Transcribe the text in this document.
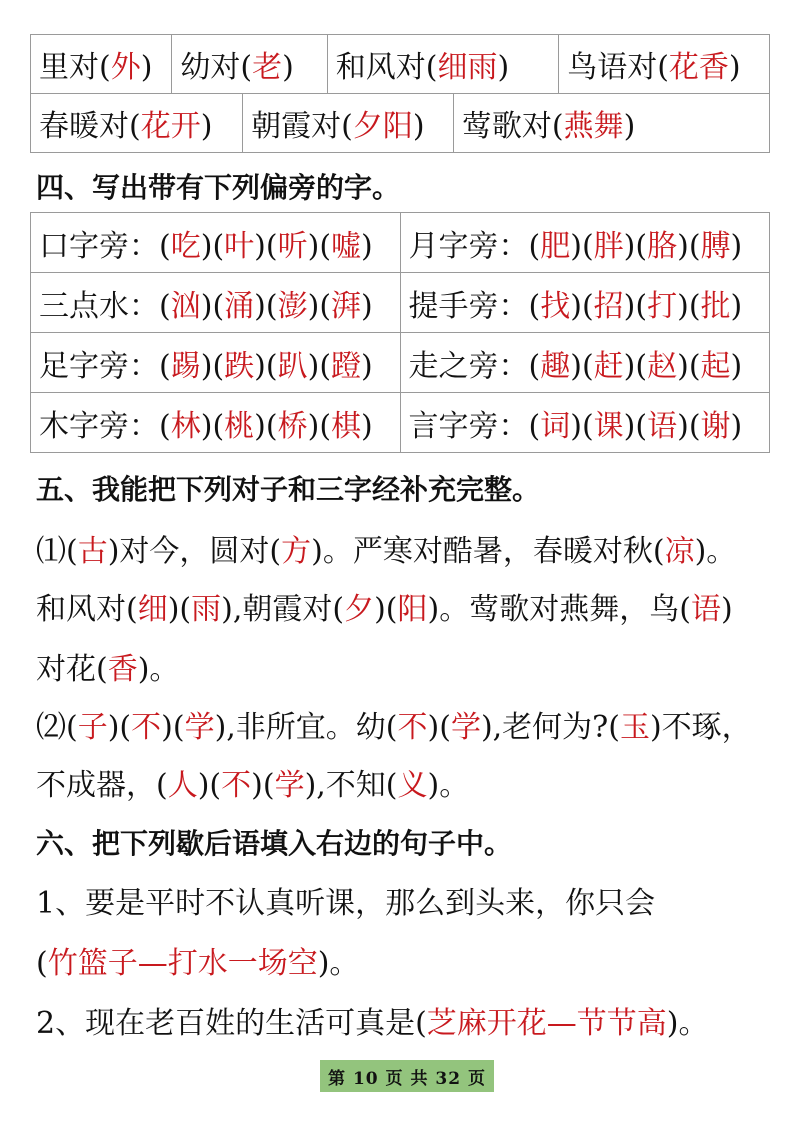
里对(外)	幼对(老)		和风对(细雨)		鸟语对(花香)
春暖对(花开)		朝霞对(夕阳)		莺歌对(燕舞)	
四、写出带有下列偏旁的字。
口字旁：(吃)(叶)(听)(嘘)	月字旁：(肥)(胖)(胳)(膊)
三点水：(汹)(涌)(澎)(湃)	提手旁：(找)(招)(打)(批)
足字旁：(踢)(跌)(趴)(蹬)	走之旁：(趣)(赶)(赵)(起)
木字旁：(林)(桃)(桥)(棋)	言字旁：(词)(课)(语)(谢)
五、我能把下列对子和三字经补充完整。
⑴(古)对今，圆对(方)。严寒对酷暑，春暖对秋(凉)。
和风对(细)(雨),朝霞对(夕)(阳)。莺歌对燕舞，鸟(语)
对花(香)。
⑵(子)(不)(学),非所宜。幼(不)(学),老何为?(玉)不琢，
不成器，(人)(不)(学),不知(义)。
六、把下列歇后语填入右边的句子中。
1、要是平时不认真听课，那么到头来，你只会
(竹篮子—打水一场空)。
2、现在老百姓的生活可真是(芝麻开花—节节高)。
第 10 页 共 32 页
